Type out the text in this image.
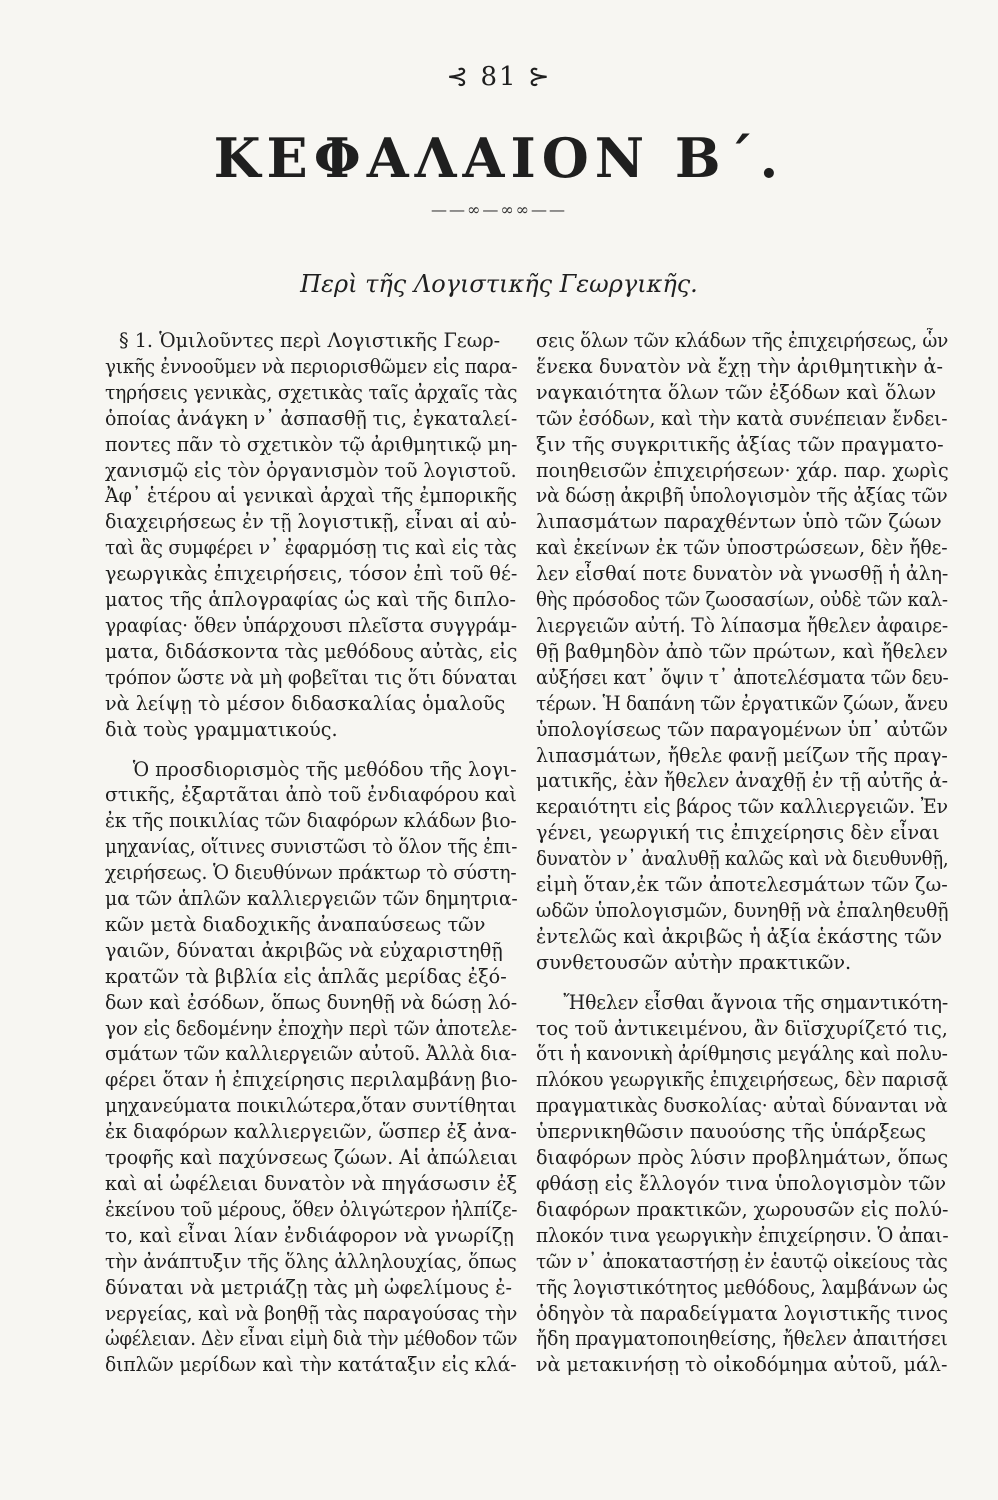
⊰ 81 ⊱
ΚΕΦΑΛΑΙΟΝ Β΄.
——∞—∞∞——
Περὶ τῆς Λογιστικῆς Γεωργικῆς.

§ 1. Ὁμιλοῦντες περὶ Λογιστικῆς Γεωρ-
γικῆς ἐννοοῦμεν νὰ περιορισθῶμεν εἰς παρα-
τηρήσεις γενικὰς, σχετικὰς ταῖς ἀρχαῖς τὰς
ὁποίας ἀνάγκη ν᾽ ἀσπασθῇ τις, ἐγκαταλεί-
ποντες πᾶν τὸ σχετικὸν τῷ ἀριθμητικῷ μη-
χανισμῷ εἰς τὸν ὀργανισμὸν τοῦ λογιστοῦ.
Ἀφ᾽ ἑτέρου αἱ γενικαὶ ἀρχαὶ τῆς ἐμπορικῆς
διαχειρήσεως ἐν τῇ λογιστικῇ, εἶναι αἱ αὐ-
ταὶ ἃς συμφέρει ν᾽ ἐφαρμόσῃ τις καὶ εἰς τὰς
γεωργικὰς ἐπιχειρήσεις, τόσον ἐπὶ τοῦ θέ-
ματος τῆς ἁπλογραφίας ὡς καὶ τῆς διπλο-
γραφίας· ὅθεν ὑπάρχουσι πλεῖστα συγγράμ-
ματα, διδάσκοντα τὰς μεθόδους αὐτὰς, εἰς
τρόπον ὥστε νὰ μὴ φοβεῖται τις ὅτι δύναται
νὰ λείψῃ τὸ μέσον διδασκαλίας ὁμαλοῦς
διὰ τοὺς γραμματικούς.

Ὁ προσδιορισμὸς τῆς μεθόδου τῆς λογι-
στικῆς, ἐξαρτᾶται ἀπὸ τοῦ ἐνδιαφόρου καὶ
ἐκ τῆς ποικιλίας τῶν διαφόρων κλάδων βιο-
μηχανίας, οἵτινες συνιστῶσι τὸ ὅλον τῆς ἐπι-
χειρήσεως. Ὁ διευθύνων πράκτωρ τὸ σύστη-
μα τῶν ἁπλῶν καλλιεργειῶν τῶν δημητρια-
κῶν μετὰ διαδοχικῆς ἀναπαύσεως τῶν
γαιῶν, δύναται ἀκριβῶς νὰ εὐχαριστηθῇ
κρατῶν τὰ βιβλία εἰς ἁπλᾶς μερίδας ἐξό-
δων καὶ ἐσόδων, ὅπως δυνηθῇ νὰ δώσῃ λό-
γον εἰς δεδομένην ἐποχὴν περὶ τῶν ἀποτελε-
σμάτων τῶν καλλιεργειῶν αὐτοῦ. Ἀλλὰ δια-
φέρει ὅταν ἡ ἐπιχείρησις περιλαμβάνῃ βιο-
μηχανεύματα ποικιλώτερα,ὅταν συντίθηται
ἐκ διαφόρων καλλιεργειῶν, ὥσπερ ἐξ ἀνα-
τροφῆς καὶ παχύνσεως ζώων. Αἱ ἀπώλειαι
καὶ αἱ ὠφέλειαι δυνατὸν νὰ πηγάσωσιν ἐξ
ἐκείνου τοῦ μέρους, ὅθεν ὀλιγώτερον ἠλπίζε-
το, καὶ εἶναι λίαν ἐνδιάφορον νὰ γνωρίζῃ
τὴν ἀνάπτυξιν τῆς ὅλης ἀλληλουχίας, ὅπως
δύναται νὰ μετριάζῃ τὰς μὴ ὠφελίμους ἐ-
νεργείας, καὶ νὰ βοηθῇ τὰς παραγούσας τὴν
ὠφέλειαν. Δὲν εἶναι εἰμὴ διὰ τὴν μέθοδον τῶν
διπλῶν μερίδων καὶ τὴν κατάταξιν εἰς κλά-

σεις ὅλων τῶν κλάδων τῆς ἐπιχειρήσεως, ὧν
ἕνεκα δυνατὸν νὰ ἔχῃ τὴν ἀριθμητικὴν ἀ-
ναγκαιότητα ὅλων τῶν ἐξόδων καὶ ὅλων
τῶν ἐσόδων, καὶ τὴν κατὰ συνέπειαν ἔνδει-
ξιν τῆς συγκριτικῆς ἀξίας τῶν πραγματο-
ποιηθεισῶν ἐπιχειρήσεων· χάρ. παρ. χωρὶς
νὰ δώσῃ ἀκριβῆ ὑπολογισμὸν τῆς ἀξίας τῶν
λιπασμάτων παραχθέντων ὑπὸ τῶν ζώων
καὶ ἐκείνων ἐκ τῶν ὑποστρώσεων, δὲν ἤθε-
λεν εἶσθαί ποτε δυνατὸν νὰ γνωσθῇ ἡ ἀλη-
θὴς πρόσοδος τῶν ζωοσασίων, οὐδὲ τῶν καλ-
λιεργειῶν αὐτή. Τὸ λίπασμα ἤθελεν ἀφαιρε-
θῇ βαθμηδὸν ἀπὸ τῶν πρώτων, καὶ ἤθελεν
αὐξήσει κατ᾽ ὄψιν τ᾽ ἀποτελέσματα τῶν δευ-
τέρων. Ἡ δαπάνη τῶν ἐργατικῶν ζώων, ἄνευ
ὑπολογίσεως τῶν παραγομένων ὑπ᾽ αὐτῶν
λιπασμάτων, ἤθελε φανῇ μείζων τῆς πραγ-
ματικῆς, ἐὰν ἤθελεν ἀναχθῇ ἐν τῇ αὐτῆς ἀ-
κεραιότητι εἰς βάρος τῶν καλλιεργειῶν. Ἐν
γένει, γεωργική τις ἐπιχείρησις δὲν εἶναι
δυνατὸν ν᾽ ἀναλυθῇ καλῶς καὶ νὰ διευθυνθῇ,
εἰμὴ ὅταν,ἐκ τῶν ἀποτελεσμάτων τῶν ζω-
ωδῶν ὑπολογισμῶν, δυνηθῇ νὰ ἐπαληθευθῇ
ἐντελῶς καὶ ἀκριβῶς ἡ ἀξία ἑκάστης τῶν
συνθετουσῶν αὐτὴν πρακτικῶν.

Ἤθελεν εἶσθαι ἄγνοια τῆς σημαντικότη-
τος τοῦ ἀντικειμένου, ἂν διϊσχυρίζετό τις,
ὅτι ἡ κανονικὴ ἀρίθμησις μεγάλης καὶ πολυ-
πλόκου γεωργικῆς ἐπιχειρήσεως, δὲν παρισᾷ
πραγματικὰς δυσκολίας· αὐταὶ δύνανται νὰ
ὑπερνικηθῶσιν παυούσης τῆς ὑπάρξεως
διαφόρων πρὸς λύσιν προβλημάτων, ὅπως
φθάσῃ εἰς ἔλλογόν τινα ὑπολογισμὸν τῶν
διαφόρων πρακτικῶν, χωρουσῶν εἰς πολύ-
πλοκόν τινα γεωργικὴν ἐπιχείρησιν. Ὁ ἀπαι-
τῶν ν᾽ ἀποκαταστήσῃ ἐν ἑαυτῷ οἰκείους τὰς
τῆς λογιστικότητος μεθόδους, λαμβάνων ὡς
ὁδηγὸν τὰ παραδείγματα λογιστικῆς τινος
ἤδη πραγματοποιηθείσης, ἤθελεν ἀπαιτήσει
νὰ μετακινήσῃ τὸ οἰκοδόμημα αὐτοῦ, μάλ-
